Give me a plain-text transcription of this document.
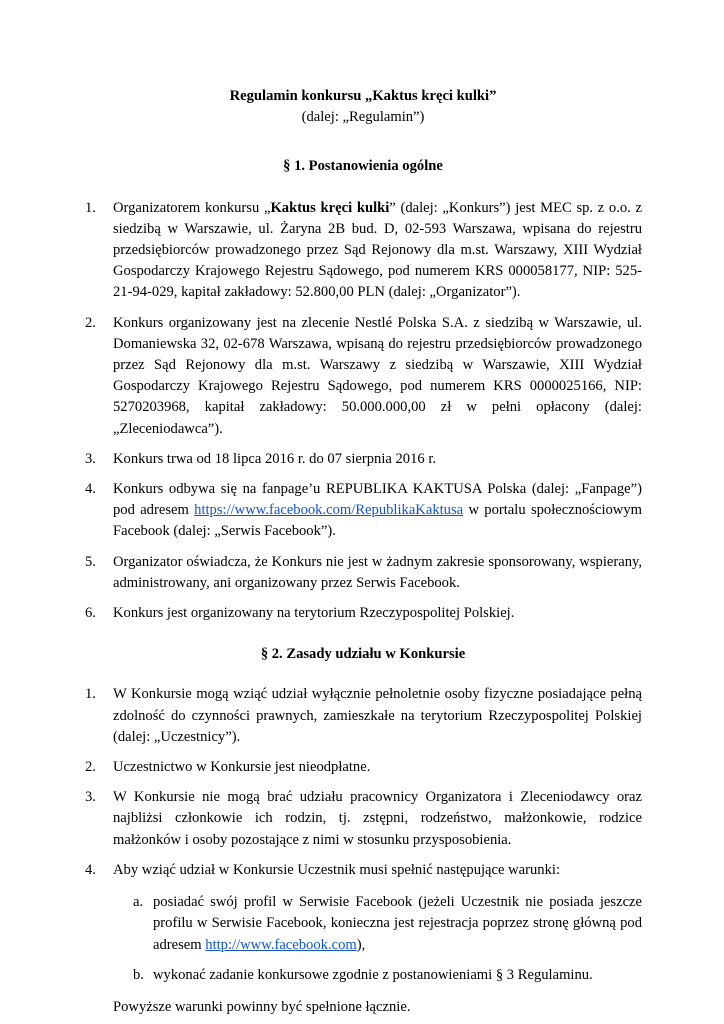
Regulamin konkursu „Kaktus kręci kulki”

(dalej: „Regulamin”)

§ 1. Postanowienia ogólne

1. Organizatorem konkursu „Kaktus kręci kulki” (dalej: „Konkurs”) jest MEC sp. z o.o. z siedzibą w Warszawie, ul. Żaryna 2B bud. D, 02-593 Warszawa, wpisana do rejestru przedsiębiorców prowadzonego przez Sąd Rejonowy dla m.st. Warszawy, XIII Wydział Gospodarczy Krajowego Rejestru Sądowego, pod numerem KRS 000058177, NIP: 525-21-94-029, kapitał zakładowy: 52.800,00 PLN (dalej: „Organizator”).
2. Konkurs organizowany jest na zlecenie Nestlé Polska S.A. z siedzibą w Warszawie, ul. Domaniewska 32, 02-678 Warszawa, wpisaną do rejestru przedsiębiorców prowadzonego przez Sąd Rejonowy dla m.st. Warszawy z siedzibą w Warszawie, XIII Wydział Gospodarczy Krajowego Rejestru Sądowego, pod numerem KRS 0000025166, NIP: 5270203968, kapitał zakładowy: 50.000.000,00 zł w pełni opłacony (dalej: „Zleceniodawca”).
3. Konkurs trwa od 18 lipca 2016 r. do 07 sierpnia 2016 r.
4. Konkurs odbywa się na fanpage’u REPUBLIKA KAKTUSA Polska (dalej: „Fanpage”) pod adresem https://www.facebook.com/RepublikaKaktusa w portalu społecznościowym Facebook (dalej: „Serwis Facebook”).
5. Organizator oświadcza, że Konkurs nie jest w żadnym zakresie sponsorowany, wspierany, administrowany, ani organizowany przez Serwis Facebook.
6. Konkurs jest organizowany na terytorium Rzeczypospolitej Polskiej.

§ 2. Zasady udziału w Konkursie

1. W Konkursie mogą wziąć udział wyłącznie pełnoletnie osoby fizyczne posiadające pełną zdolność do czynności prawnych, zamieszkałe na terytorium Rzeczypospolitej Polskiej (dalej: „Uczestnicy”).
2. Uczestnictwo w Konkursie jest nieodpłatne.
3. W Konkursie nie mogą brać udziału pracownicy Organizatora i Zleceniodawcy oraz najbliżsi członkowie ich rodzin, tj. zstępni, rodzeństwo, małżonkowie, rodzice małżonków i osoby pozostające z nimi w stosunku przysposobienia.
4. Aby wziąć udział w Konkursie Uczestnik musi spełnić następujące warunki:
a. posiadać swój profil w Serwisie Facebook (jeżeli Uczestnik nie posiada jeszcze profilu w Serwisie Facebook, konieczna jest rejestracja poprzez stronę główną pod adresem http://www.facebook.com),
b. wykonać zadanie konkursowe zgodnie z postanowieniami § 3 Regulaminu.

Powyższe warunki powinny być spełnione łącznie.
